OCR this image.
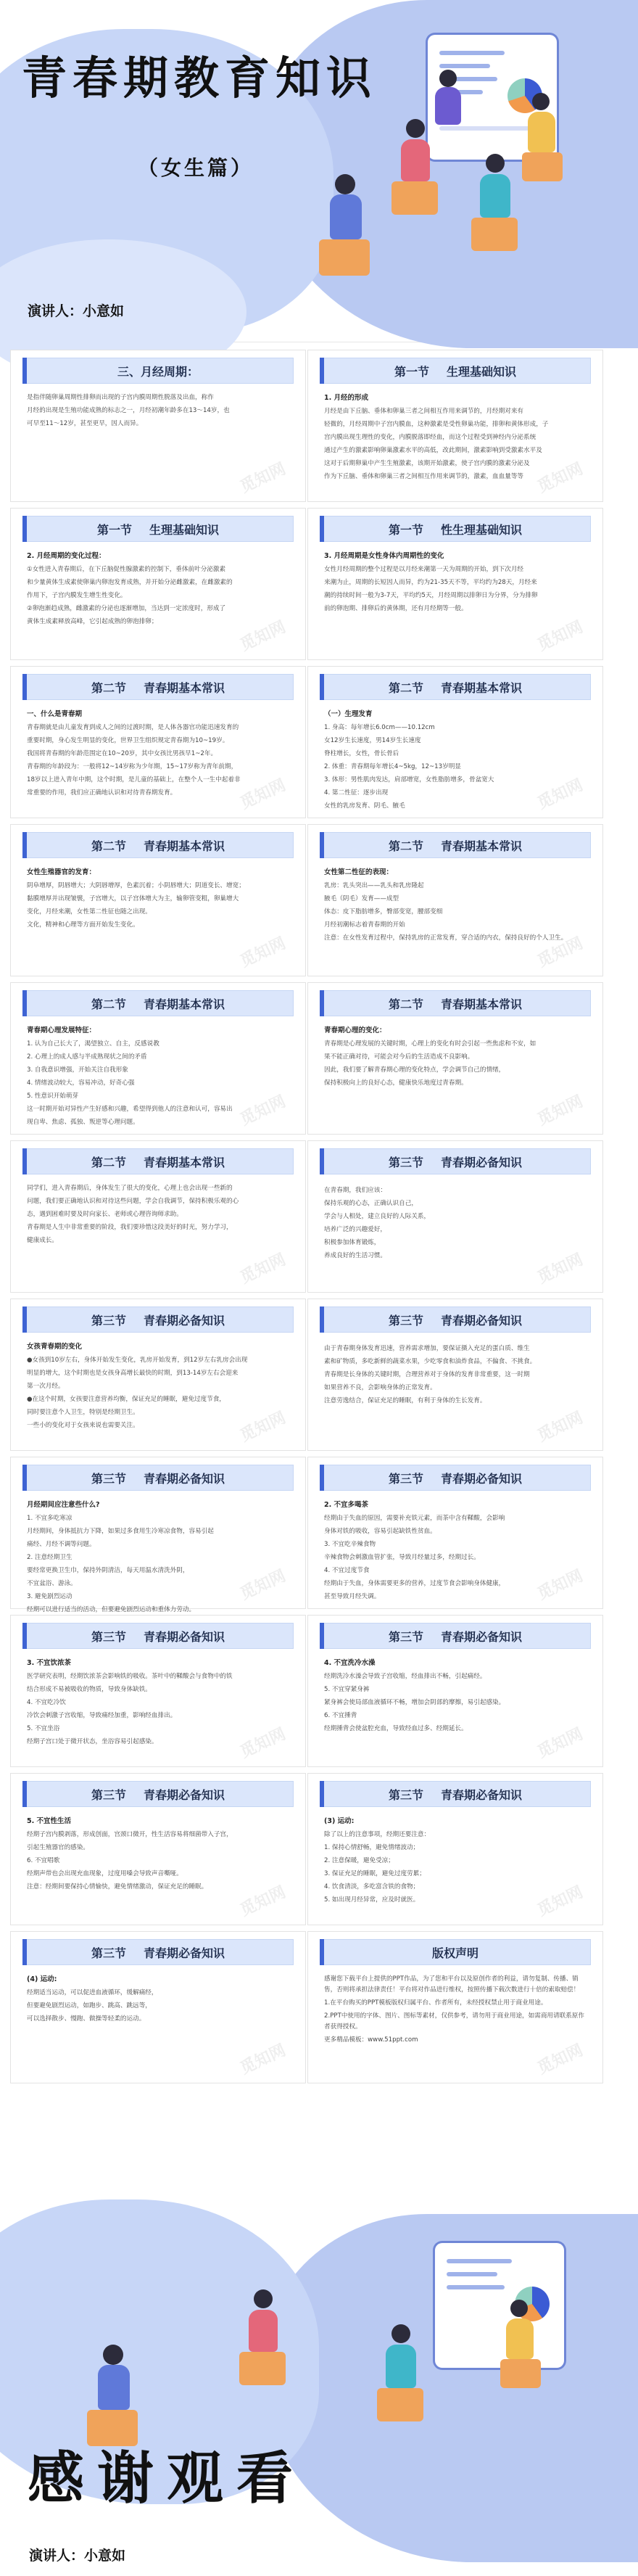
青春期教育知识
（女生篇）
演讲人：小意如
三、月经周期：

是指伴随卵巢周期性排卵而出现的子宫内膜周期性脱落及出血，称作

月经的出现是生殖功能成熟的标志之一，月经初潮年龄多在13～14岁，也

可早至11～12岁，甚至更早，因人而异。

觅知网
第一节 生理基础知识

1. 月经的形成

月经是由下丘脑、垂体和卵巢三者之间相互作用来调节的，月经期对来有

轻微的，月经周期中子宫内膜血，这种激素是受性卵巢功能，排卵和黄体形成，子

宫内膜出现生理性的变化，内膜脱落即经血，而这个过程受到神经内分泌系统

通过产生的激素影响卵巢激素水平的高低，改此期间，激素影响到受激素水平及

这对于后期卵巢中产生生殖激素，该期开始激素，使子宫内膜的激素分泌及

作为下丘脑、垂体和卵巢三者之间相互作用来调节的，激素，血血量等等 觅知网
第一节 生理基础知识

2. 月经周期的变化过程：

①女性进入青春期后，在下丘脑促性腺激素的控制下，垂体前叶分泌激素

和少量黄体生成素使卵巢内卵泡发育成熟，并开始分泌雌激素，在雌激素的

作用下，子宫内膜发生增生性变化。

②卵泡渐趋成熟，雌激素的分泌也逐渐增加，当达到一定浓度时，形成了

黄体生成素释放高峰，它引起成熟的卵泡排卵；	觅知网
第一节 性生理基础知识

3. 月经周期是女性身体内周期性的变化

女性月经周期的整个过程是以月经来潮第一天为周期的开始，到下次月经

来潮为止，周期的长短因人而异，约为21-35天不等，平均约为28天，月经来

潮的持续时间一般为3-7天，平均约5天，月经周期以排卵日为分界，分为排卵

前的卵泡期、排卵后的黄体期，还有月经期等一般。

觅知网
第二节 青春期基本常识

一、什么是青春期

青春期就是由儿童发育到成人之间的过渡时期，是人体各器官功能迅速发育的

重要时期，身心发生明显的变化，世界卫生组织规定青春期为10~19岁。

我国将青春期的年龄范围定在10~20岁，其中女孩比男孩早1~2年。

青春期的年龄段为：一般将12~14岁称为少年期，15~17岁称为青年前期，

18岁以上进入青年中期，这个时期，是儿童的基础上，在整个人一生中起着非

常重要的作用，我们应正确地认识和对待青春期发育。	觅知网
第二节 青春期基本常识

（一）生理发育

1. 身高：每年增长6.0cm——10.12cm

女12岁生长速度，男14岁生长速度

脊柱增长，女性，骨长骨后

2. 体重：青春期每年增长4~5kg，12~13岁明显

3. 体形：男性肌肉发达，肩部增宽，女性脂肪增多，骨盆宽大

4. 第二性征：逐步出现

女性的乳房发育、阴毛、腋毛	觅知网
第二节 青春期基本常识

女性生殖器官的发育：

阴阜增厚，阴唇增大；大阴唇增厚，色素沉着；小阴唇增大；阴道变长、增宽；

黏膜增厚并出现皱襞，子宫增大，以子宫体增大为主，输卵管变粗，卵巢增大

变化，月经来潮，女性第二性征也随之出现。

文化，精神和心理等方面开始发生变化。

觅知网
第二节 青春期基本常识

女性第二性征的表现：

乳房：乳头突出——乳头和乳房隆起

腋毛（阴毛）发育——成型

体态：皮下脂肪增多，臀部变宽，腰部变细

月经初潮标志着青春期的开始

注意：在女性发育过程中，保持乳房的正常发育，穿合适的内衣，保持良好的个人卫生。

觅知网
第二节 青春期基本常识

青春期心理发展特征：

1. 认为自己长大了，渴望独立、自主，反感说教

2. 心理上的成人感与半成熟现状之间的矛盾

3. 自我意识增强，开始关注自我形象

4. 情绪波动较大，容易冲动，好奇心强

5. 性意识开始萌芽

这一时期开始对异性产生好感和兴趣，希望得到他人的注意和认可，容易出

现自卑、焦虑、孤独、叛逆等心理问题。	觅知网
第二节 青春期基本常识

青春期心理的变化：

青春期是心理发展的关键时期，心理上的变化有时会引起一些焦虑和不安，如

果不能正确对待，可能会对今后的生活造成不良影响。

因此，我们要了解青春期心理的变化特点，学会调节自己的情绪，

保持积极向上的良好心态，健康快乐地度过青春期。

觅知网
第二节 青春期基本常识

同学们，进入青春期后，身体发生了很大的变化，心理上也会出现一些新的

问题，我们要正确地认识和对待这些问题，学会自我调节，保持积极乐观的心

态，遇到困难时要及时向家长、老师或心理咨询师求助。

青春期是人生中非常重要的阶段，我们要珍惜这段美好的时光，努力学习，

健康成长。

觅知网
第三节 青春期必备知识

在青春期，我们应该：

保持乐观的心态，正确认识自己，

学会与人相处，建立良好的人际关系，

培养广泛的兴趣爱好，

积极参加体育锻炼，

养成良好的生活习惯。	觅知网
第三节 青春期必备知识

女孩青春期的变化

●女孩到10岁左右，身体开始发生变化，乳房开始发育，到12岁左右乳房会出现

明显的增大，这个时期也是女孩身高增长最快的时期，到13-14岁左右会迎来

第一次月经。

●在这个时期，女孩要注意营养均衡，保证充足的睡眠，避免过度节食，

同时要注意个人卫生，特别是经期卫生。

一些小的变化对于女孩来说也需要关注。	觅知网
第三节 青春期必备知识

由于青春期身体发育迅速，营养需求增加，要保证摄入充足的蛋白质、维生

素和矿物质，多吃新鲜的蔬菜水果，少吃零食和油炸食品，不偏食、不挑食。

青春期是长身体的关键时期，合理营养对于身体的发育非常重要，这一时期

如果营养不良，会影响身体的正常发育。

注意劳逸结合，保证充足的睡眠，有利于身体的生长发育。

觅知网
第三节 青春期必备知识

月经期间应注意些什么?

1. 不宜多吃寒凉

月经期间，身体抵抗力下降，如果过多食用生冷寒凉食物，容易引起

痛经、月经不调等问题。

2. 注意经期卫生

要经常更换卫生巾，保持外阴清洁，每天用温水清洗外阴，

不宜盆浴、游泳。

3. 避免剧烈运动

经期可以进行适当的活动，但要避免剧烈运动和重体力劳动。

觅知网
第三节 青春期必备知识

2. 不宜多喝茶

经期由于失血的原因，需要补充铁元素，而茶中含有鞣酸，会影响

身体对铁的吸收，容易引起缺铁性贫血。

3. 不宜吃辛辣食物

辛辣食物会刺激血管扩张，导致月经量过多，经期过长。

4. 不宜过度节食

经期由于失血，身体需要更多的营养，过度节食会影响身体健康，

甚至导致月经失调。	觅知网
第三节 青春期必备知识

3. 不宜饮浓茶

医学研究表明，经期饮浓茶会影响铁的吸收。茶叶中的鞣酸会与食物中的铁

结合形成不易被吸收的物质，导致身体缺铁。

4. 不宜吃冷饮

冷饮会刺激子宫收缩，导致痛经加重，影响经血排出。

5. 不宜坐浴

经期子宫口处于微开状态，坐浴容易引起感染。	觅知网
第三节 青春期必备知识

4. 不宜洗冷水澡

经期洗冷水澡会导致子宫收缩，经血排出不畅，引起痛经。

5. 不宜穿紧身裤

紧身裤会使局部血液循环不畅，增加会阴部的摩擦，易引起感染。

6. 不宜捶背

经期捶背会使盆腔充血，导致经血过多、经期延长。	觅知网
第三节 青春期必备知识

5. 不宜性生活

经期子宫内膜剥落，形成创面，宫颈口微开，性生活容易将细菌带入子宫，

引起生殖器官的感染。

6. 不宜唱歌

经期声带也会出现充血现象，过度用嗓会导致声音嘶哑。

注意：经期间要保持心情愉快，避免情绪激动，保证充足的睡眠。	觅知网
第三节 青春期必备知识

(3) 运动:

除了以上的注意事项，经期还要注意：

1. 保持心情舒畅，避免情绪波动；

2. 注意保暖，避免受凉；

3. 保证充足的睡眠，避免过度劳累；

4. 饮食清淡，多吃富含铁的食物；

5. 如出现月经异常，应及时就医。	觅知网
第三节 青春期必备知识

(4) 运动:

经期适当运动，可以促进血液循环，缓解痛经，

但要避免剧烈运动，如跑步、跳高、跳远等，

可以选择散步、慢跑、做操等轻柔的运动。

觅知网
版权声明

感谢您下载平台上提供的PPT作品，为了您和平台以及原创作者的利益，请勿复制、传播、销售，否则将承担法律责任！平台将对作品进行维权，按照传播下载次数进行十倍的索取赔偿！

1.在平台购买的PPT模板版权归属平台、作者所有，未经授权禁止用于商业用途。

2.PPT中使用的字体、图片、图标等素材，仅供参考，请勿用于商业用途，如需商用请联系原作者获得授权。

更多精品模板：www.51ppt.com

觅知网
感谢观看
演讲人：小意如
